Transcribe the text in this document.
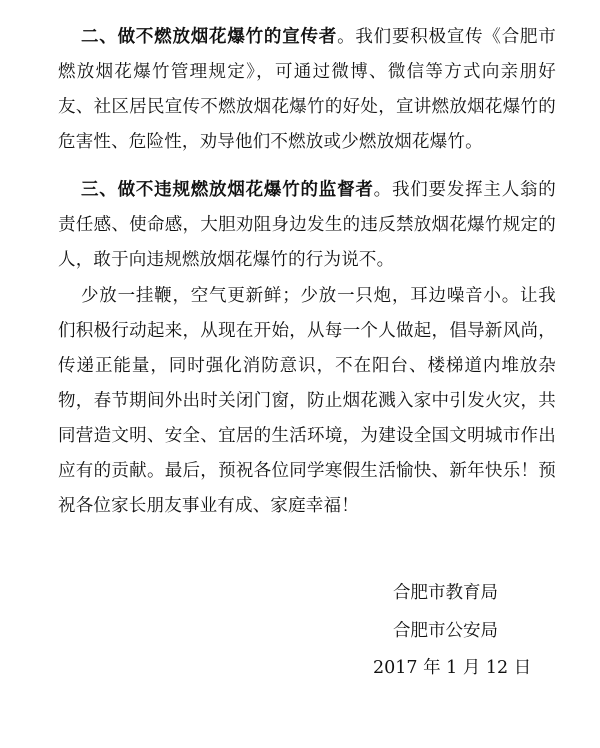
二、做不燃放烟花爆竹的宣传者。我们要积极宣传《合肥市燃放烟花爆竹管理规定》，可通过微博、微信等方式向亲朋好友、社区居民宣传不燃放烟花爆竹的好处，宣讲燃放烟花爆竹的危害性、危险性，劝导他们不燃放或少燃放烟花爆竹。

三、做不违规燃放烟花爆竹的监督者。我们要发挥主人翁的责任感、使命感，大胆劝阻身边发生的违反禁放烟花爆竹规定的人，敢于向违规燃放烟花爆竹的行为说不。

少放一挂鞭，空气更新鲜；少放一只炮，耳边噪音小。让我们积极行动起来，从现在开始，从每一个人做起，倡导新风尚，传递正能量，同时强化消防意识，不在阳台、楼梯道内堆放杂物，春节期间外出时关闭门窗，防止烟花溅入家中引发火灾，共同营造文明、安全、宜居的生活环境，为建设全国文明城市作出应有的贡献。最后，预祝各位同学寒假生活愉快、新年快乐！预祝各位家长朋友事业有成、家庭幸福！

合肥市教育局

合肥市公安局

2017 年 1 月 12 日
